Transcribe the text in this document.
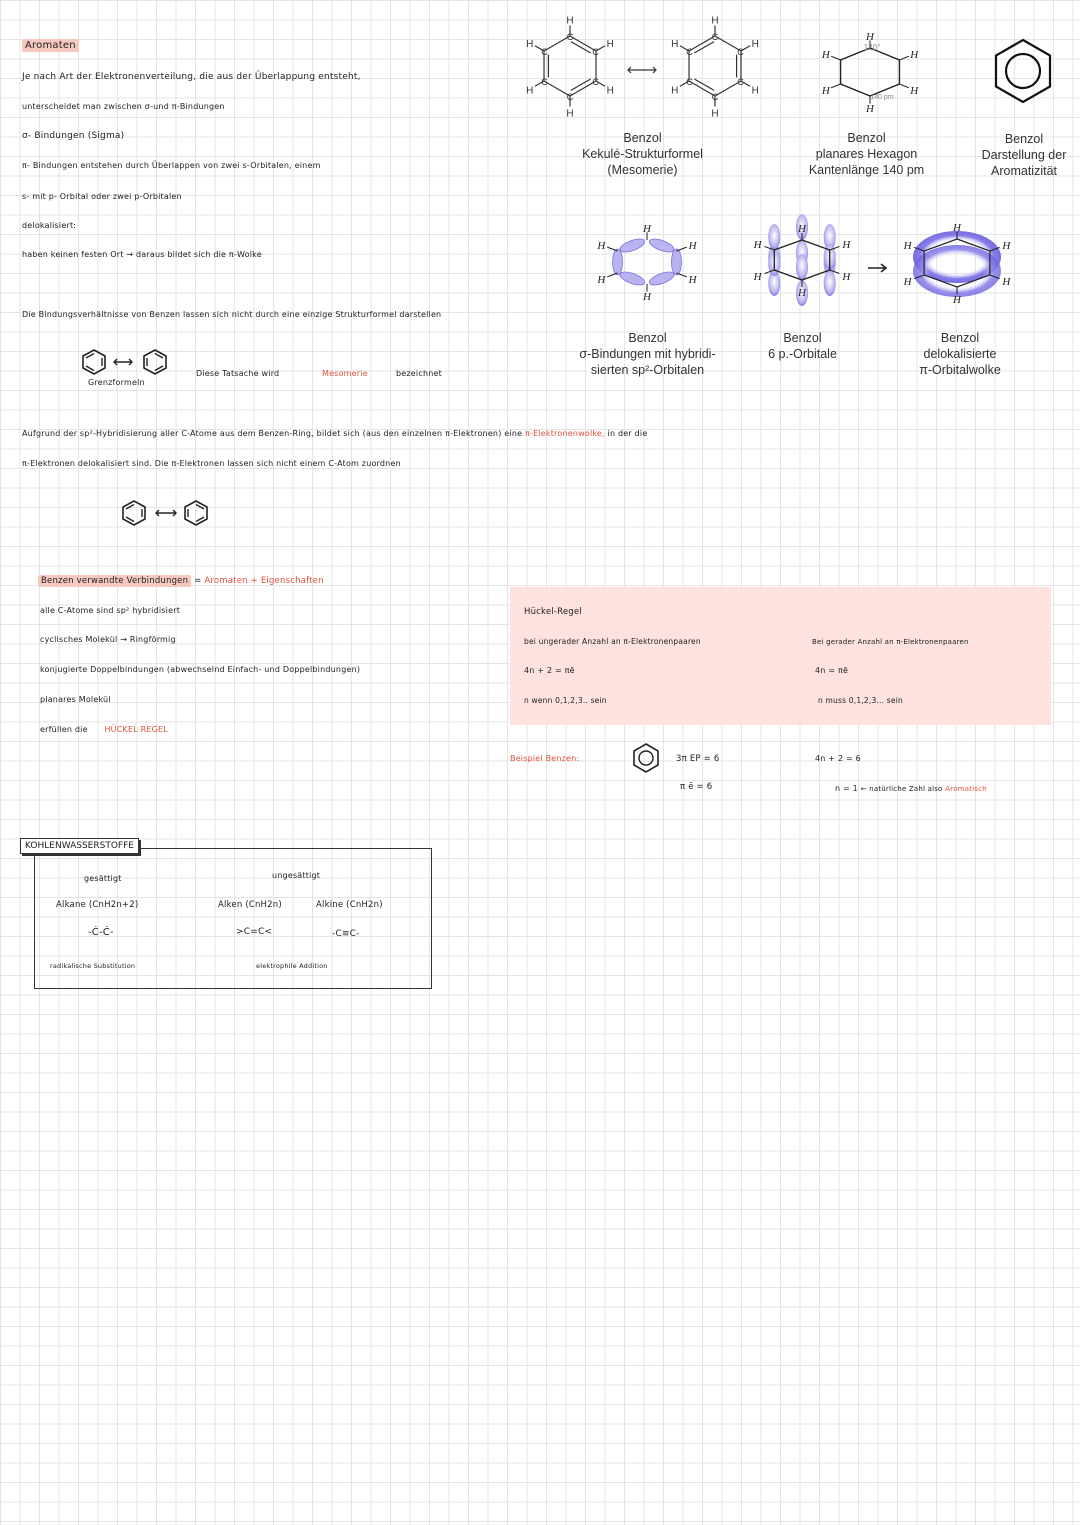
Aromaten
Je nach Art der Elektronenverteilung, die aus der Überlappung entsteht,
unterscheidet man zwischen σ-und π-Bindungen
σ- Bindungen (Sigma)
π- Bindungen entstehen durch Überlappen von zwei s-Orbitalen, einem
s- mit p- Orbital oder zwei p-Orbitalen
delokalisiert:
haben keinen festen Ort → daraus bildet sich die π-Wolke
Die Bindungsverhältnisse von Benzen lassen sich nicht durch eine einzige Strukturformel darstellen
Grenzformeln
Diese Tatsache wird	Mesomerie	bezeichnet
Aufgrund der sp²-Hybridisierung aller C-Atome aus dem Benzen-Ring, bildet sich (aus den einzelnen π-Elektronen) eine π-Elektronenwolke, in der die
π-Elektronen delokalisiert sind. Die π-Elektronen lassen sich nicht einem C-Atom zuordnen
Benzen verwandte Verbindungen = Aromaten + Eigenschaften
alle C-Atome sind sp² hybridisiert
cyclisches Molekül → Ringförmig
konjugierte Doppelbindungen (abwechselnd Einfach- und Doppelbindungen)
planares Molekül
erfüllen die HÜCKEL REGEL
Hückel-Regel
bei ungerader Anzahl an π-Elektronenpaaren
4n + 2 = πē
n wenn 0,1,2,3.. sein
Bei gerader Anzahl an π-Elektronenpaaren
4n = πē
n muss 0,1,2,3... sein
Beispiel Benzen:	3π EP = 6
π ē = 6
4n + 2 = 6
n = 1 ← natürliche Zahl also Aromatisch
KOHLENWASSERSTOFFE
gesättigt
Alkane (CnH2n+2)
-Ċ-Ċ-
radikalische Substitution
ungesättigt
Alken (CnH2n)	Alkine (CnH2n)
>C=C<	-C≡C-
elektrophile Addition
H
C
H
C
H
C
H
C
H
C
H
C
H
C
H
C
H
C
H
C
H
C
H
C
H
H
H
H
H
H
120°
140 pm
H
H
H
H
H
H
H
H
H
H
H
H
H
H
H
H
H
H
Benzol
Kekulé-Strukturformel
(Mesomerie)
Benzol
planares Hexagon
Kantenlänge 140 pm
Benzol
Darstellung der
Aromatizität
Benzol
σ-Bindungen mit hybridi-
sierten sp²-Orbitalen
Benzol
6 p.-Orbitale
Benzol
delokalisierte
π-Orbitalwolke
